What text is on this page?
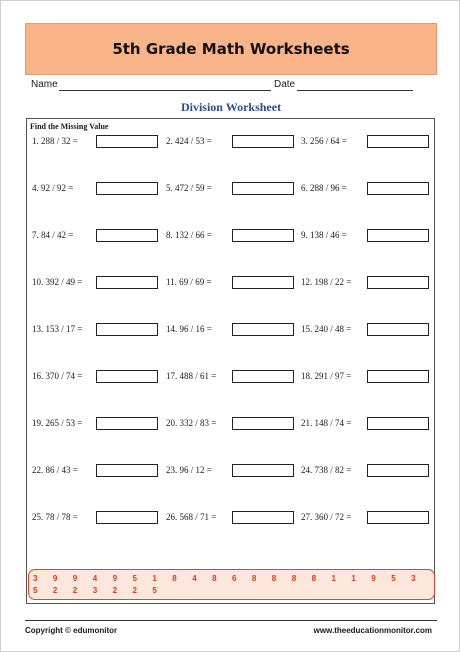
5th Grade Math Worksheets
Name	Date
Division Worksheet
Find the Missing Value
1. 288 / 32 =	2. 424 / 53 =	3. 256 / 64 =
4. 92 / 92 =	5. 472 / 59 =	6. 288 / 96 =
7. 84 / 42 =	8. 132 / 66 =	9. 138 / 46 =
10. 392 / 49 =	11. 69 / 69 =	12. 198 / 22 =
13. 153 / 17 =	14. 96 / 16 =	15. 240 / 48 =
16. 370 / 74 =	17. 488 / 61 =	18. 291 / 97 =
19. 265 / 53 =	20. 332 / 83 =	21. 148 / 74 =
22. 86 / 43 =	23. 96 / 12 =	24. 738 / 82 =
25. 78 / 78 =	26. 568 / 71 =	27. 360 / 72 =
3 9 9 4 9 5 1 8 4 8 6 8 8 8 8 1 1 9 5 3
5 2 2 3 2 2 5
Copyright © edumonitor	www.theeducationmonitor.com
